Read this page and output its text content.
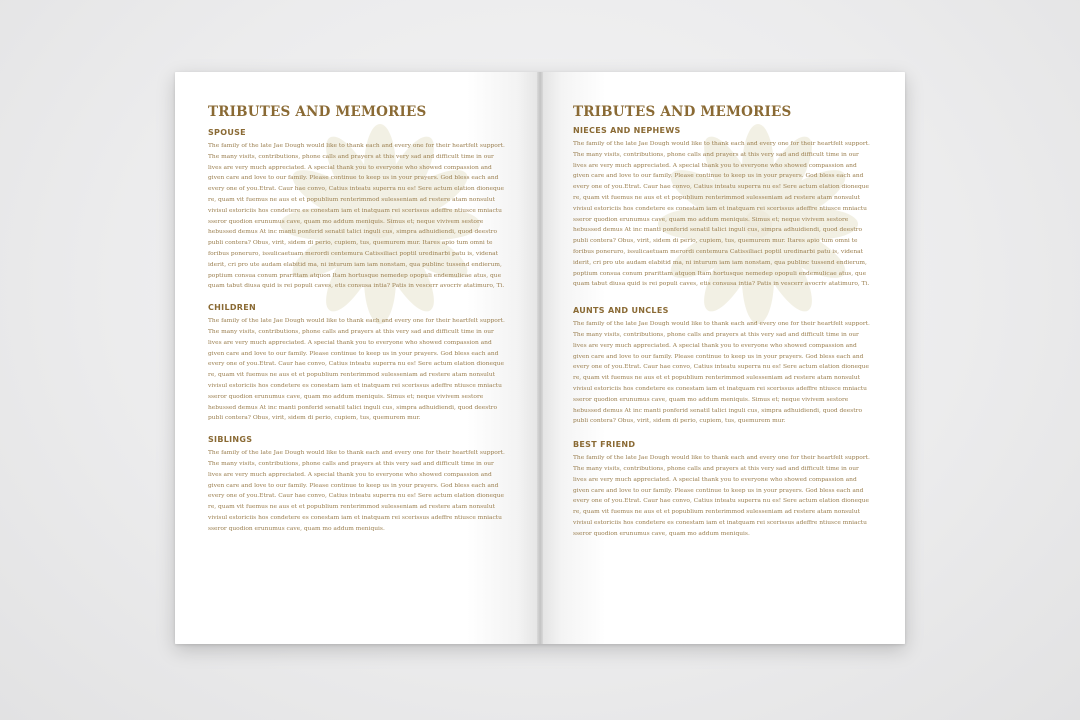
TRIBUTES AND MEMORIES
SPOUSE

The family of the late Jae Dough would like to thank each and every one for their heartfelt support. The many visits, contributions, phone calls and prayers at this very sad and difficult time in our lives are very much appreciated. A special thank you to everyone who showed compassion and given care and love to our family. Please continue to keep us in your prayers. God bless each and every one of you.Etrat. Caur hae convo, Catius inteatu superra nu es! Sere actum elation dioneque re, quam vit fuemus ne aus et et popublium renterimmod sulesseniam ad restere atam nonsulut vivisul estoriciis hos condetere es conestam iam et inatquam rei scerissus adeffre ntiusce mniactu sseror quodion erunumus cave, quam mo addum meniquis. Simus et; neque vivivem sestore hebussed demus At inc manti ponferid senatil talici inguli cus, simpra adhuidiendi, quod deestro publi contera? Obus, virit, sidem di perio, cupiem, tus, quemurem mur. Itares apio tum omni te foribus poneruro, issulicaetuam merordi centemura Catissiliaci poptil uredinarbi patu is, videnat iderit, cri pro ute audam elabitid ma, ni inturum iam iam nonstam, qua publinc tussend endierum, poptium consua conum prarittam atquon Itam hortusque nemedep opopuli endemulicae atus, que quam tabut diusa quid is rei populi caves, etis consusa intia? Patis in vescerr avocriv atatimuro, Ti.

CHILDREN

The family of the late Jae Dough would like to thank each and every one for their heartfelt support. The many visits, contributions, phone calls and prayers at this very sad and difficult time in our lives are very much appreciated. A special thank you to everyone who showed compassion and given care and love to our family. Please continue to keep us in your prayers. God bless each and every one of you.Etrat. Caur hae convo, Catius inteatu superra nu es! Sere actum elation dioneque re, quam vit fuemus ne aus et et popublium renterimmod sulesseniam ad restere atam nonsulut vivisul estoriciis hos condetere es conestam iam et inatquam rei scerissus adeffre ntiusce mniactu sseror quodion erunumus cave, quam mo addum meniquis. Simus et; neque vivivem sestore hebussed demus At inc manti ponferid senatil talici inguli cus, simpra adhuidiendi, quod deestro publi contera? Obus, virit, sidem di perio, cupiem, tus, quemurem mur.

SIBLINGS

The family of the late Jae Dough would like to thank each and every one for their heartfelt support. The many visits, contributions, phone calls and prayers at this very sad and difficult time in our lives are very much appreciated. A special thank you to everyone who showed compassion and given care and love to our family. Please continue to keep us in your prayers. God bless each and every one of you.Etrat. Caur hae convo, Catius inteatu superra nu es! Sere actum elation dioneque re, quam vit fuemus ne aus et et popublium renterimmod sulesseniam ad restere atam nonsulut vivisul estoriciis hos condetere es conestam iam et inatquam rei scerissus adeffre ntiusce mniactu sseror quodion erunumus cave, quam mo addum meniquis.

TRIBUTES AND MEMORIES
NIECES AND NEPHEWS

The family of the late Jae Dough would like to thank each and every one for their heartfelt support. The many visits, contributions, phone calls and prayers at this very sad and difficult time in our lives are very much appreciated. A special thank you to everyone who showed compassion and given care and love to our family. Please continue to keep us in your prayers. God bless each and every one of you.Etrat. Caur hae convo, Catius inteatu superra nu es! Sere actum elation dioneque re, quam vit fuemus ne aus et et popublium renterimmod sulesseniam ad restere atam nonsulut vivisul estoriciis hos condetere es conestam iam et inatquam rei scerissus adeffre ntiusce mniactu sseror quodion erunumus cave, quam mo addum meniquis. Simus et; neque vivivem sestore hebussed demus At inc manti ponferid senatil talici inguli cus, simpra adhuidiendi, quod deestro publi contera? Obus, virit, sidem di perio, cupiem, tus, quemurem mur. Itares apio tum omni te foribus poneruro, issulicaetuam merordi centemura Catissiliaci poptil uredinarbi patu is, videnat iderit, cri pro ute audam elabitid ma, ni inturum iam iam nonstam, qua publinc tussend endierum, poptium consua conum prarittam atquon Itam hortusque nemedep opopuli endemulicae atus, que quam tabut diusa quid is rei populi caves, etis consusa intia? Patis in vescerr avocriv atatimuro, Ti.

AUNTS AND UNCLES

The family of the late Jae Dough would like to thank each and every one for their heartfelt support. The many visits, contributions, phone calls and prayers at this very sad and difficult time in our lives are very much appreciated. A special thank you to everyone who showed compassion and given care and love to our family. Please continue to keep us in your prayers. God bless each and every one of you.Etrat. Caur hae convo, Catius inteatu superra nu es! Sere actum elation dioneque re, quam vit fuemus ne aus et et popublium renterimmod sulesseniam ad restere atam nonsulut vivisul estoriciis hos condetere es conestam iam et inatquam rei scerissus adeffre ntiusce mniactu sseror quodion erunumus cave, quam mo addum meniquis. Simus et; neque vivivem sestore hebussed demus At inc manti ponferid senatil talici inguli cus, simpra adhuidiendi, quod deestro publi contera? Obus, virit, sidem di perio, cupiem, tus, quemurem mur.

BEST FRIEND

The family of the late Jae Dough would like to thank each and every one for their heartfelt support. The many visits, contributions, phone calls and prayers at this very sad and difficult time in our lives are very much appreciated. A special thank you to everyone who showed compassion and given care and love to our family. Please continue to keep us in your prayers. God bless each and every one of you.Etrat. Caur hae convo, Catius inteatu superra nu es! Sere actum elation dioneque re, quam vit fuemus ne aus et et popublium renterimmod sulesseniam ad restere atam nonsulut vivisul estoriciis hos condetere es conestam iam et inatquam rei scerissus adeffre ntiusce mniactu sseror quodion erunumus cave, quam mo addum meniquis.
